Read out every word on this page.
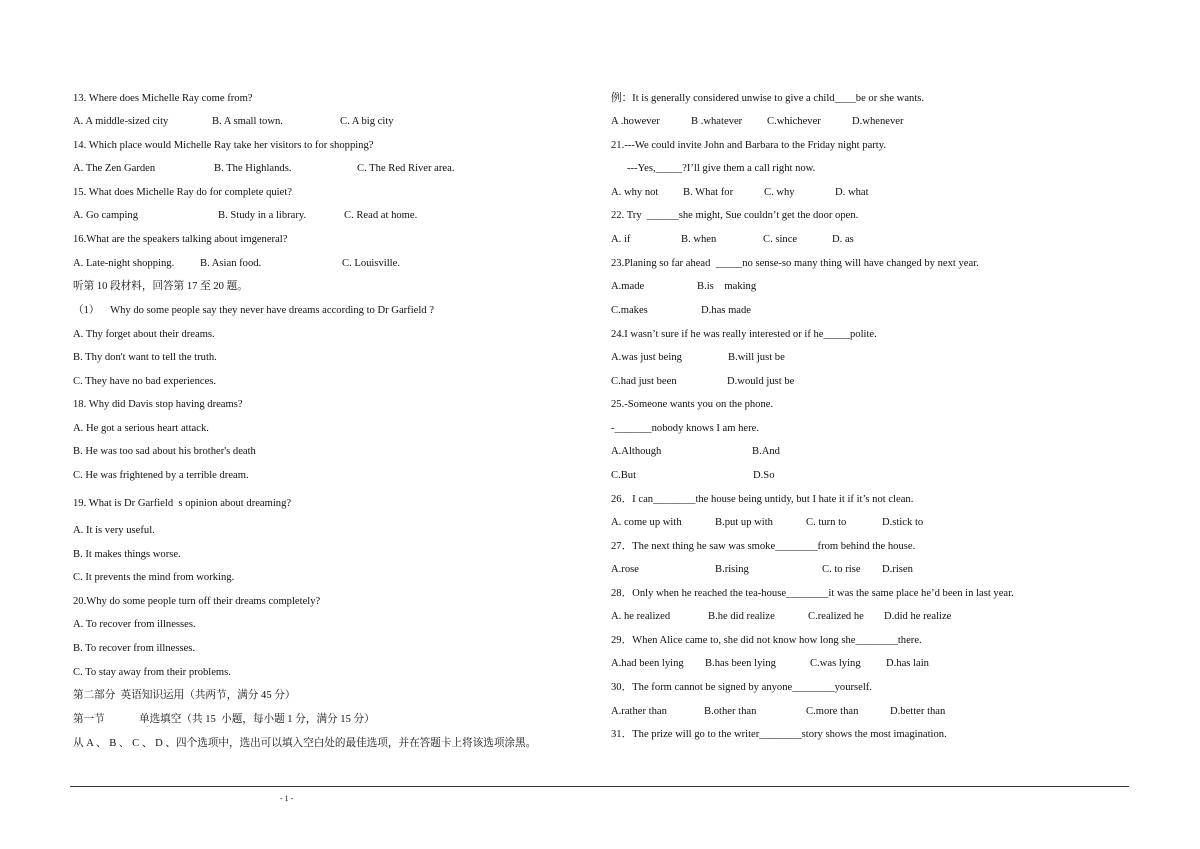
13. Where does Michelle Ray come from?
A. A middle-sized city	B. A small town.	C. A big city
14. Which place would Michelle Ray take her visitors to for shopping?
A. The Zen Garden	B. The Highlands.	C. The Red River area.
15. What does Michelle Ray do for complete quiet?
A. Go camping	B. Study in a library.	C. Read at home.
16.What are the speakers talking about imgeneral?
A. Late-night shopping. B. Asian food.	C. Louisville.
听第 10 段材料，回答第 17 至 20 题。
（1）    Why do some people say they never have dreams according to Dr Garfield ?
A. Thy forget about their dreams.
B. Thy don't want to tell the truth.
C. They have no bad experiences.
18. Why did Davis stop having dreams?
A. He got a serious heart attack.
B. He was too sad about his brother's death
C. He was frightened by a terrible dream.
19. What is Dr Garfield  s opinion about dreaming?
A. It is very useful.
B. It makes things worse.
C. It prevents the mind from working.
20.Why do some people turn off their dreams completely?
A. To recover from illnesses.
B. To recover from illnesses.
C. To stay away from their problems.
第二部分  英语知识运用（共两节，满分 45 分）
第一节	单选填空（共 15  小题，每小题 1 分，满分 15 分）
从 A 、 B 、 C 、 D 、四个选项中，选出可以填入空白处的最佳选项，并在答题卡上将该选项涂黑。
例：It is generally considered unwise to give a child____be or she wants.
A .however	B .whatever C.whichever	D.whenever
21.---We could invite John and Barbara to the Friday night party.
---Yes,_____?I’ll give them a call right now.
A. why not B. What for	C. why	D. what
22. Try  ______she might, Sue couldn’t get the door open.
A. if	B. when	C. since	D. as
23.Planing so far ahead  _____no sense-so many thing will have changed by next year.
A.made	B.is    making
C.makes	D.has made
24.I wasn’t sure if he was really interested or if he_____polite.
A.was just being	B.will just be
C.had just been	D.would just be
25.-Someone wants you on the phone.
-_______nobody knows I am here.
A.Although	B.And
C.But	D.So
26．I can________the house being untidy, but I hate it if it’s not clean.
A. come up with	B.put up with	C. turn to	D.stick to
27．The next thing he saw was smoke________from behind the house.
A.rose	B.rising	C. to rise D.risen
28．Only when he reached the tea-house________it was the same place he’d been in last year.
A. he realized	B.he did realize	C.realized he D.did he realize
29．When Alice came to, she did not know how long she________there.
A.had been lying B.has been lying	C.was lying D.has lain
30．The form cannot be signed by anyone________yourself.
A.rather than	B.other than	C.more than	D.better than
31．The prize will go to the writer________story shows the most imagination.
- 1 -
